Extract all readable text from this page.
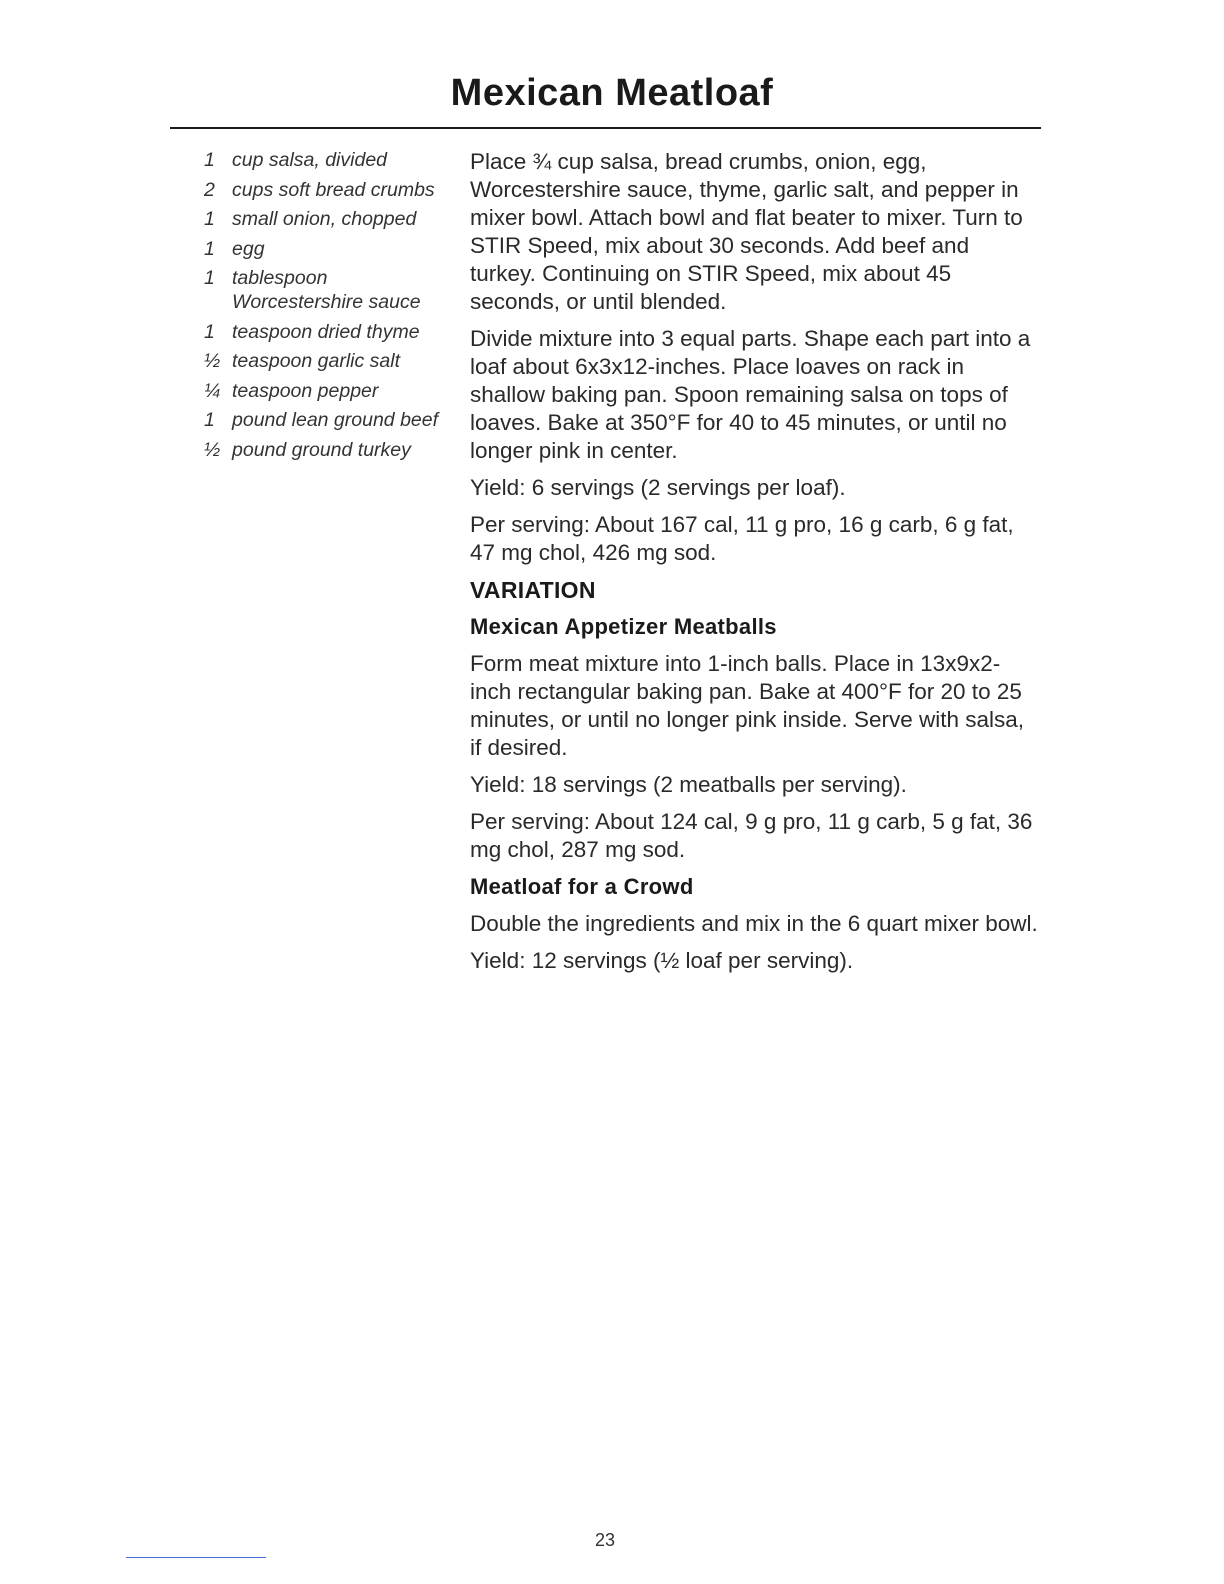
Mexican Meatloaf
1 cup salsa, divided
2 cups soft bread crumbs
1 small onion, chopped
1 egg
1 tablespoon Worcestershire sauce
1 teaspoon dried thyme
½ teaspoon garlic salt
¼ teaspoon pepper
1 pound lean ground beef
½ pound ground turkey

Place ¾ cup salsa, bread crumbs, onion, egg, Worcestershire sauce, thyme, garlic salt, and pepper in mixer bowl. Attach bowl and flat beater to mixer. Turn to STIR Speed, mix about 30 seconds. Add beef and turkey. Continuing on STIR Speed, mix about 45 seconds, or until blended.

Divide mixture into 3 equal parts. Shape each part into a loaf about 6x3x12-inches. Place loaves on rack in shallow baking pan. Spoon remaining salsa on tops of loaves. Bake at 350°F for 40 to 45 minutes, or until no longer pink in center.

Yield: 6 servings (2 servings per loaf).

Per serving: About 167 cal, 11 g pro, 16 g carb, 6 g fat, 47 mg chol, 426 mg sod.

VARIATION
Mexican Appetizer Meatballs

Form meat mixture into 1-inch balls. Place in 13x9x2-inch rectangular baking pan. Bake at 400°F for 20 to 25 minutes, or until no longer pink inside. Serve with salsa, if desired.

Yield: 18 servings (2 meatballs per serving).

Per serving: About 124 cal, 9 g pro, 11 g carb, 5 g fat, 36 mg chol, 287 mg sod.

Meatloaf for a Crowd

Double the ingredients and mix in the 6 quart mixer bowl.

Yield: 12 servings (½ loaf per serving).

23
